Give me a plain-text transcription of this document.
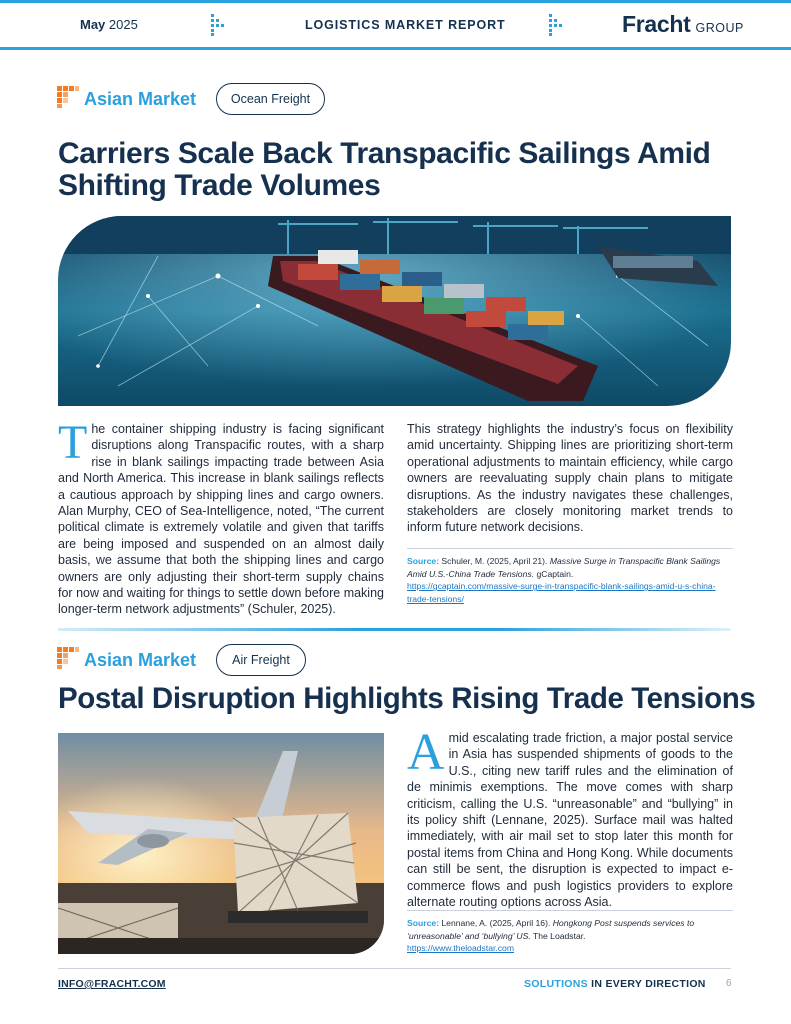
May 2025	LOGISTICS MARKET REPORT	Fracht GROUP
Asian Market	Ocean Freight
Carriers Scale Back Transpacific Sailings Amid
Shifting Trade Volumes
The container shipping industry is facing significant disruptions along Transpacific routes, with a sharp rise in blank sailings impacting trade between Asia and North America. This increase in blank sailings reflects a cautious approach by shipping lines and cargo owners. Alan Murphy, CEO of Sea-Intelligence, noted, “The current political climate is extremely volatile and given that tariffs are being imposed and suspended on an almost daily basis, we assume that both the shipping lines and cargo owners are only adjusting their short-term supply chains for now and waiting for things to settle down before making longer-term network adjustments” (Schuler, 2025).
This strategy highlights the industry’s focus on flexibility amid uncertainty. Shipping lines are prioritizing short-term operational adjustments to maintain efficiency, while cargo owners are reevaluating supply chain plans to mitigate disruptions. As the industry navigates these challenges, stakeholders are closely monitoring market trends to inform future network decisions.
Source: Schuler, M. (2025, April 21). Massive Surge in Transpacific Blank Sailings Amid U.S.-China Trade Tensions. gCaptain.
https://gcaptain.com/massive-surge-in-transpacific-blank-sailings-amid-u-s-china-trade-tensions/
Asian Market	Air Freight
Postal Disruption Highlights Rising Trade Tensions
Amid escalating trade friction, a major postal service in Asia has suspended shipments of goods to the U.S., citing new tariff rules and the elimination of de minimis exemptions. The move comes with sharp criticism, calling the U.S. “unreasonable” and “bullying” in its policy shift (Lennane, 2025). Surface mail was halted immediately, with air mail set to stop later this month for postal items from China and Hong Kong. While documents can still be sent, the disruption is expected to impact e-commerce flows and push logistics providers to explore alternate routing options across Asia.
Source: Lennane, A. (2025, April 16). Hongkong Post suspends services to ‘unreasonable’ and ‘bullying’ US. The Loadstar.
https://www.theloadstar.com
INFO@FRACHT.COM	SOLUTIONS IN EVERY DIRECTION 6
